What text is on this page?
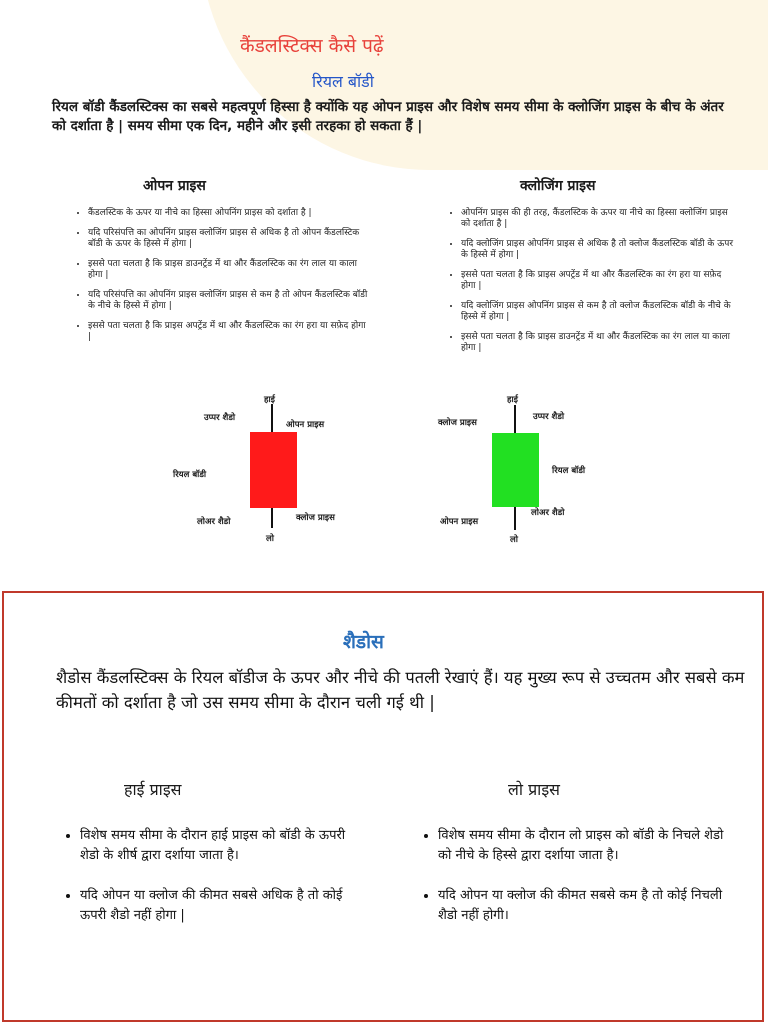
कैंडलस्टिक्स कैसे पढ़ें
रियल बॉडी
रियल बॉडी कैंडलस्टिक्स का सबसे महत्वपूर्ण हिस्सा है क्योंकि यह ओपन प्राइस और विशेष समय सीमा के क्लोजिंग प्राइस के बीच के अंतर को दर्शाता है | समय सीमा एक दिन, महीने और इसी तरहका हो सकता हैं |
ओपन प्राइस	क्लोजिंग प्राइस
• कैंडलस्टिक के ऊपर या नीचे का हिस्सा ओपनिंग प्राइस को दर्शाता है |
• यदि परिसंपत्ति का ओपनिंग प्राइस क्लोजिंग प्राइस से अधिक है तो ओपन कैंडलस्टिक बॉडी के ऊपर के हिस्से में होगा |
• इससे पता चलता है कि प्राइस डाउनट्रेंड में था और कैंडलस्टिक का रंग लाल या काला होगा |
• यदि परिसंपत्ति का ओपनिंग प्राइस क्लोजिंग प्राइस से कम है तो ओपन कैंडलस्टिक बॉडी के नीचे के हिस्से में होगा |
• इससे पता चलता है कि प्राइस अपट्रेंड में था और कैंडलस्टिक का रंग हरा या सफ़ेद होगा |
• ओपनिंग प्राइस की ही तरह, कैंडलस्टिक के ऊपर या नीचे का हिस्सा क्लोजिंग प्राइस को दर्शाता है |
• यदि क्लोजिंग प्राइस ओपनिंग प्राइस से अधिक है तो क्लोज कैंडलस्टिक बॉडी के ऊपर के हिस्से में होगा |
• इससे पता चलता है कि प्राइस अपट्रेंड में था और कैंडलस्टिक का रंग हरा या सफ़ेद होगा |
• यदि क्लोजिंग प्राइस ओपनिंग प्राइस से कम है तो क्लोज कैंडलस्टिक बॉडी के नीचे के हिस्से में होगा |
• इससे पता चलता है कि प्राइस डाउनट्रेंड में था और कैंडलस्टिक का रंग लाल या काला होगा |
हाई
उप्पर शैडो
ओपन प्राइस
रियल बॉडी
लोअर शैडो	क्लोज प्राइस
लो
हाई
क्लोज प्राइस
उप्पर शैडो
रियल बॉडी
लोअर शैडो
ओपन प्राइस
लो
शैडोस
शैडोस कैंडलस्टिक्स के रियल बॉडीज के ऊपर और नीचे की पतली रेखाएं हैं। यह मुख्य रूप से उच्चतम और सबसे कम कीमतों को दर्शाता है जो उस समय सीमा के दौरान चली गई थी |
हाई प्राइस	लो प्राइस
• विशेष समय सीमा के दौरान हाई प्राइस को बॉडी के ऊपरी शेडो के शीर्ष द्वारा दर्शाया जाता है।
• यदि ओपन या क्लोज की कीमत सबसे अधिक है तो कोई ऊपरी शैडो नहीं होगा |
• विशेष समय सीमा के दौरान लो प्राइस को बॉडी के निचले शेडो को नीचे के हिस्से द्वारा दर्शाया जाता है।
• यदि ओपन या क्लोज की कीमत सबसे कम है तो कोई निचली शैडो नहीं होगी।
